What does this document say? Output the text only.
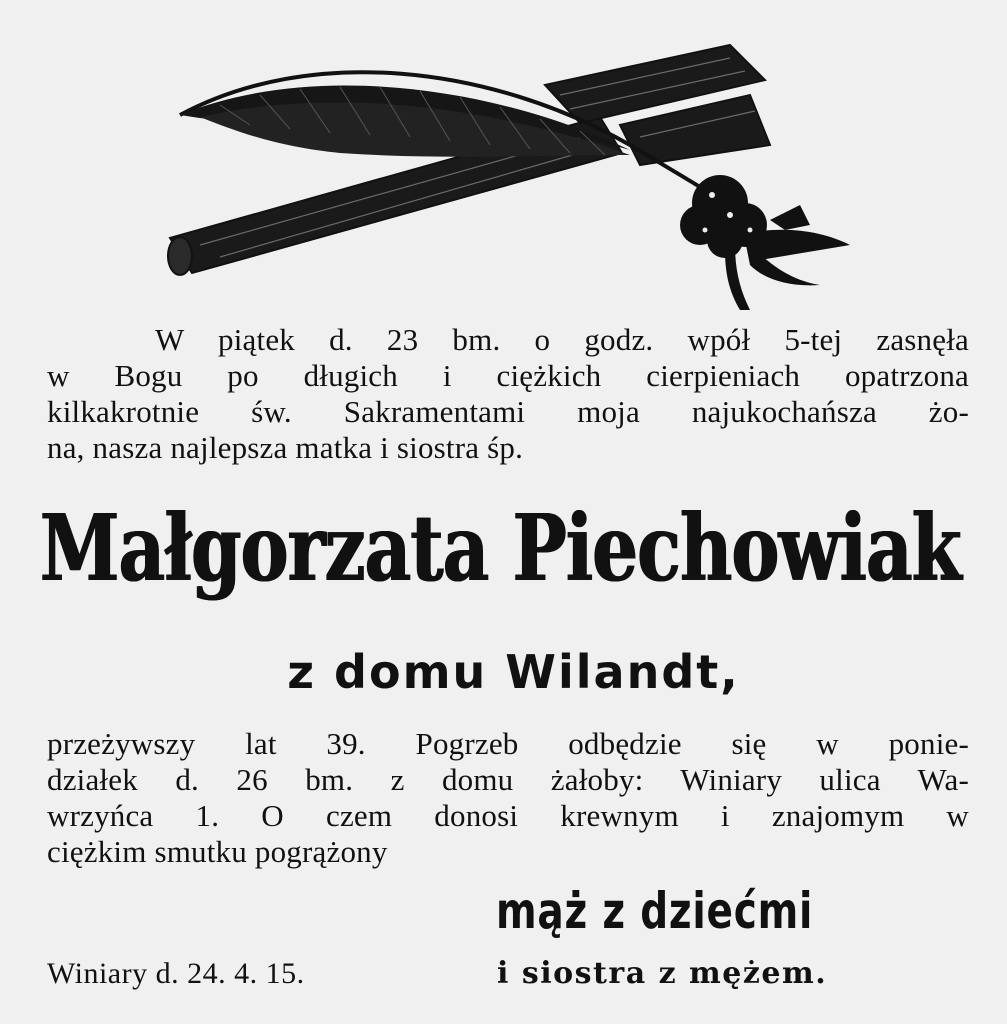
W piątek d. 23 bm. o godz. wpół 5-tej zasnęła
w Bogu po długich i ciężkich cierpieniach opatrzona
kilkakrotnie św. Sakramentami moja najukochańsza żo-
na, nasza najlepsza matka i siostra śp.
Małgorzata Piechowiak
z domu Wilandt,
przeżywszy lat 39. Pogrzeb odbędzie się w ponie-
działek d. 26 bm. z domu żałoby: Winiary ulica Wa-
wrzyńca 1. O czem donosi krewnym i znajomym w
ciężkim smutku pogrążony

mąż z dziećmi

i siostra z mężem.

Winiary d. 24. 4. 15.
